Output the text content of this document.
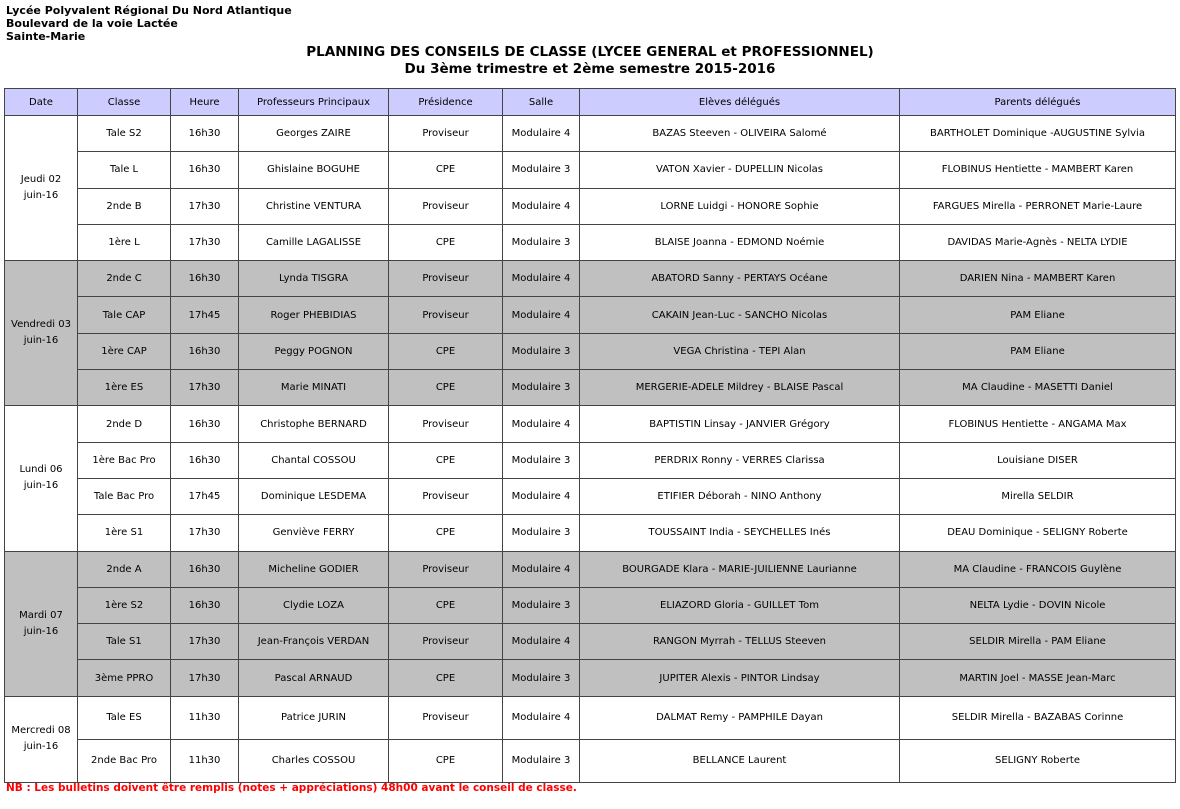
Lycée Polyvalent Régional Du Nord Atlantique
Boulevard de la voie Lactée
Sainte-Marie
PLANNING DES CONSEILS DE CLASSE (LYCEE GENERAL et PROFESSIONNEL)
Du 3ème trimestre et 2ème semestre 2015-2016
Date	Classe	Heure	Professeurs Principaux	Présidence	Salle	Elèves délégués	Parents délégués

Jeudi 02
juin-16	Tale S2	16h30	Georges ZAIRE	Proviseur	Modulaire 4	BAZAS Steeven - OLIVEIRA Salomé	BARTHOLET Dominique -AUGUSTINE Sylvia
	Tale L	16h30	Ghislaine BOGUHE	CPE	Modulaire 3	VATON Xavier - DUPELLIN Nicolas	FLOBINUS Hentiette - MAMBERT Karen
	2nde B	17h30	Christine VENTURA	Proviseur	Modulaire 4	LORNE Luidgi - HONORE Sophie	FARGUES Mirella - PERRONET Marie-Laure
	1ère L	17h30	Camille LAGALISSE	CPE	Modulaire 3	BLAISE Joanna - EDMOND Noémie	DAVIDAS Marie-Agnès - NELTA LYDIE

Vendredi 03
juin-16	2nde C	16h30	Lynda TISGRA	Proviseur	Modulaire 4	ABATORD Sanny - PERTAYS Océane	DARIEN Nina - MAMBERT Karen
	Tale CAP	17h45	Roger PHEBIDIAS	Proviseur	Modulaire 4	CAKAIN Jean-Luc - SANCHO Nicolas	PAM Eliane
	1ère CAP	16h30	Peggy POGNON	CPE	Modulaire 3	VEGA Christina - TEPI Alan	PAM Eliane
	1ère ES	17h30	Marie MINATI	CPE	Modulaire 3	MERGERIE-ADELE Mildrey - BLAISE Pascal	MA Claudine - MASETTI Daniel

Lundi 06
juin-16	2nde D	16h30	Christophe BERNARD	Proviseur	Modulaire 4	BAPTISTIN Linsay - JANVIER Grégory	FLOBINUS Hentiette - ANGAMA Max
	1ère Bac Pro	16h30	Chantal COSSOU	CPE	Modulaire 3	PERDRIX Ronny - VERRES Clarissa	Louisiane DISER
	Tale Bac Pro	17h45	Dominique LESDEMA	Proviseur	Modulaire 4	ETIFIER Déborah - NINO Anthony	Mirella SELDIR
	1ère S1	17h30	Genvièvе FERRY	CPE	Modulaire 3	TOUSSAINT India - SEYCHELLES Inés	DEAU Dominique - SELIGNY Roberte

Mardi 07
juin-16	2nde A	16h30	Micheline GODIER	Proviseur	Modulaire 4	BOURGADE Klara - MARIE-JUILIENNE Laurianne	MA Claudine - FRANCOIS Guylène
	1ère S2	16h30	Clydie LOZA	CPE	Modulaire 3	ELIAZORD Gloria - GUILLET Tom	NELTA Lydie - DOVIN Nicole
	Tale S1	17h30	Jean-François VERDAN	Proviseur	Modulaire 4	RANGON Myrrah - TELLUS Steeven	SELDIR Mirella - PAM Eliane
	3ème PPRO	17h30	Pascal ARNAUD	CPE	Modulaire 3	JUPITER Alexis - PINTOR Lindsay	MARTIN Joel - MASSE Jean-Marc

Mercredi 08
juin-16	Tale ES	11h30	Patrice JURIN	Proviseur	Modulaire 4	DALMAT Remy - PAMPHILE Dayan	SELDIR Mirella - BAZABAS Corinne
	2nde Bac Pro	11h30	Charles COSSOU	CPE	Modulaire 3	BELLANCE Laurent	SELIGNY Roberte
NB : Les bulletins doivent être remplis (notes + appréciations) 48h00 avant le conseil de classe.
